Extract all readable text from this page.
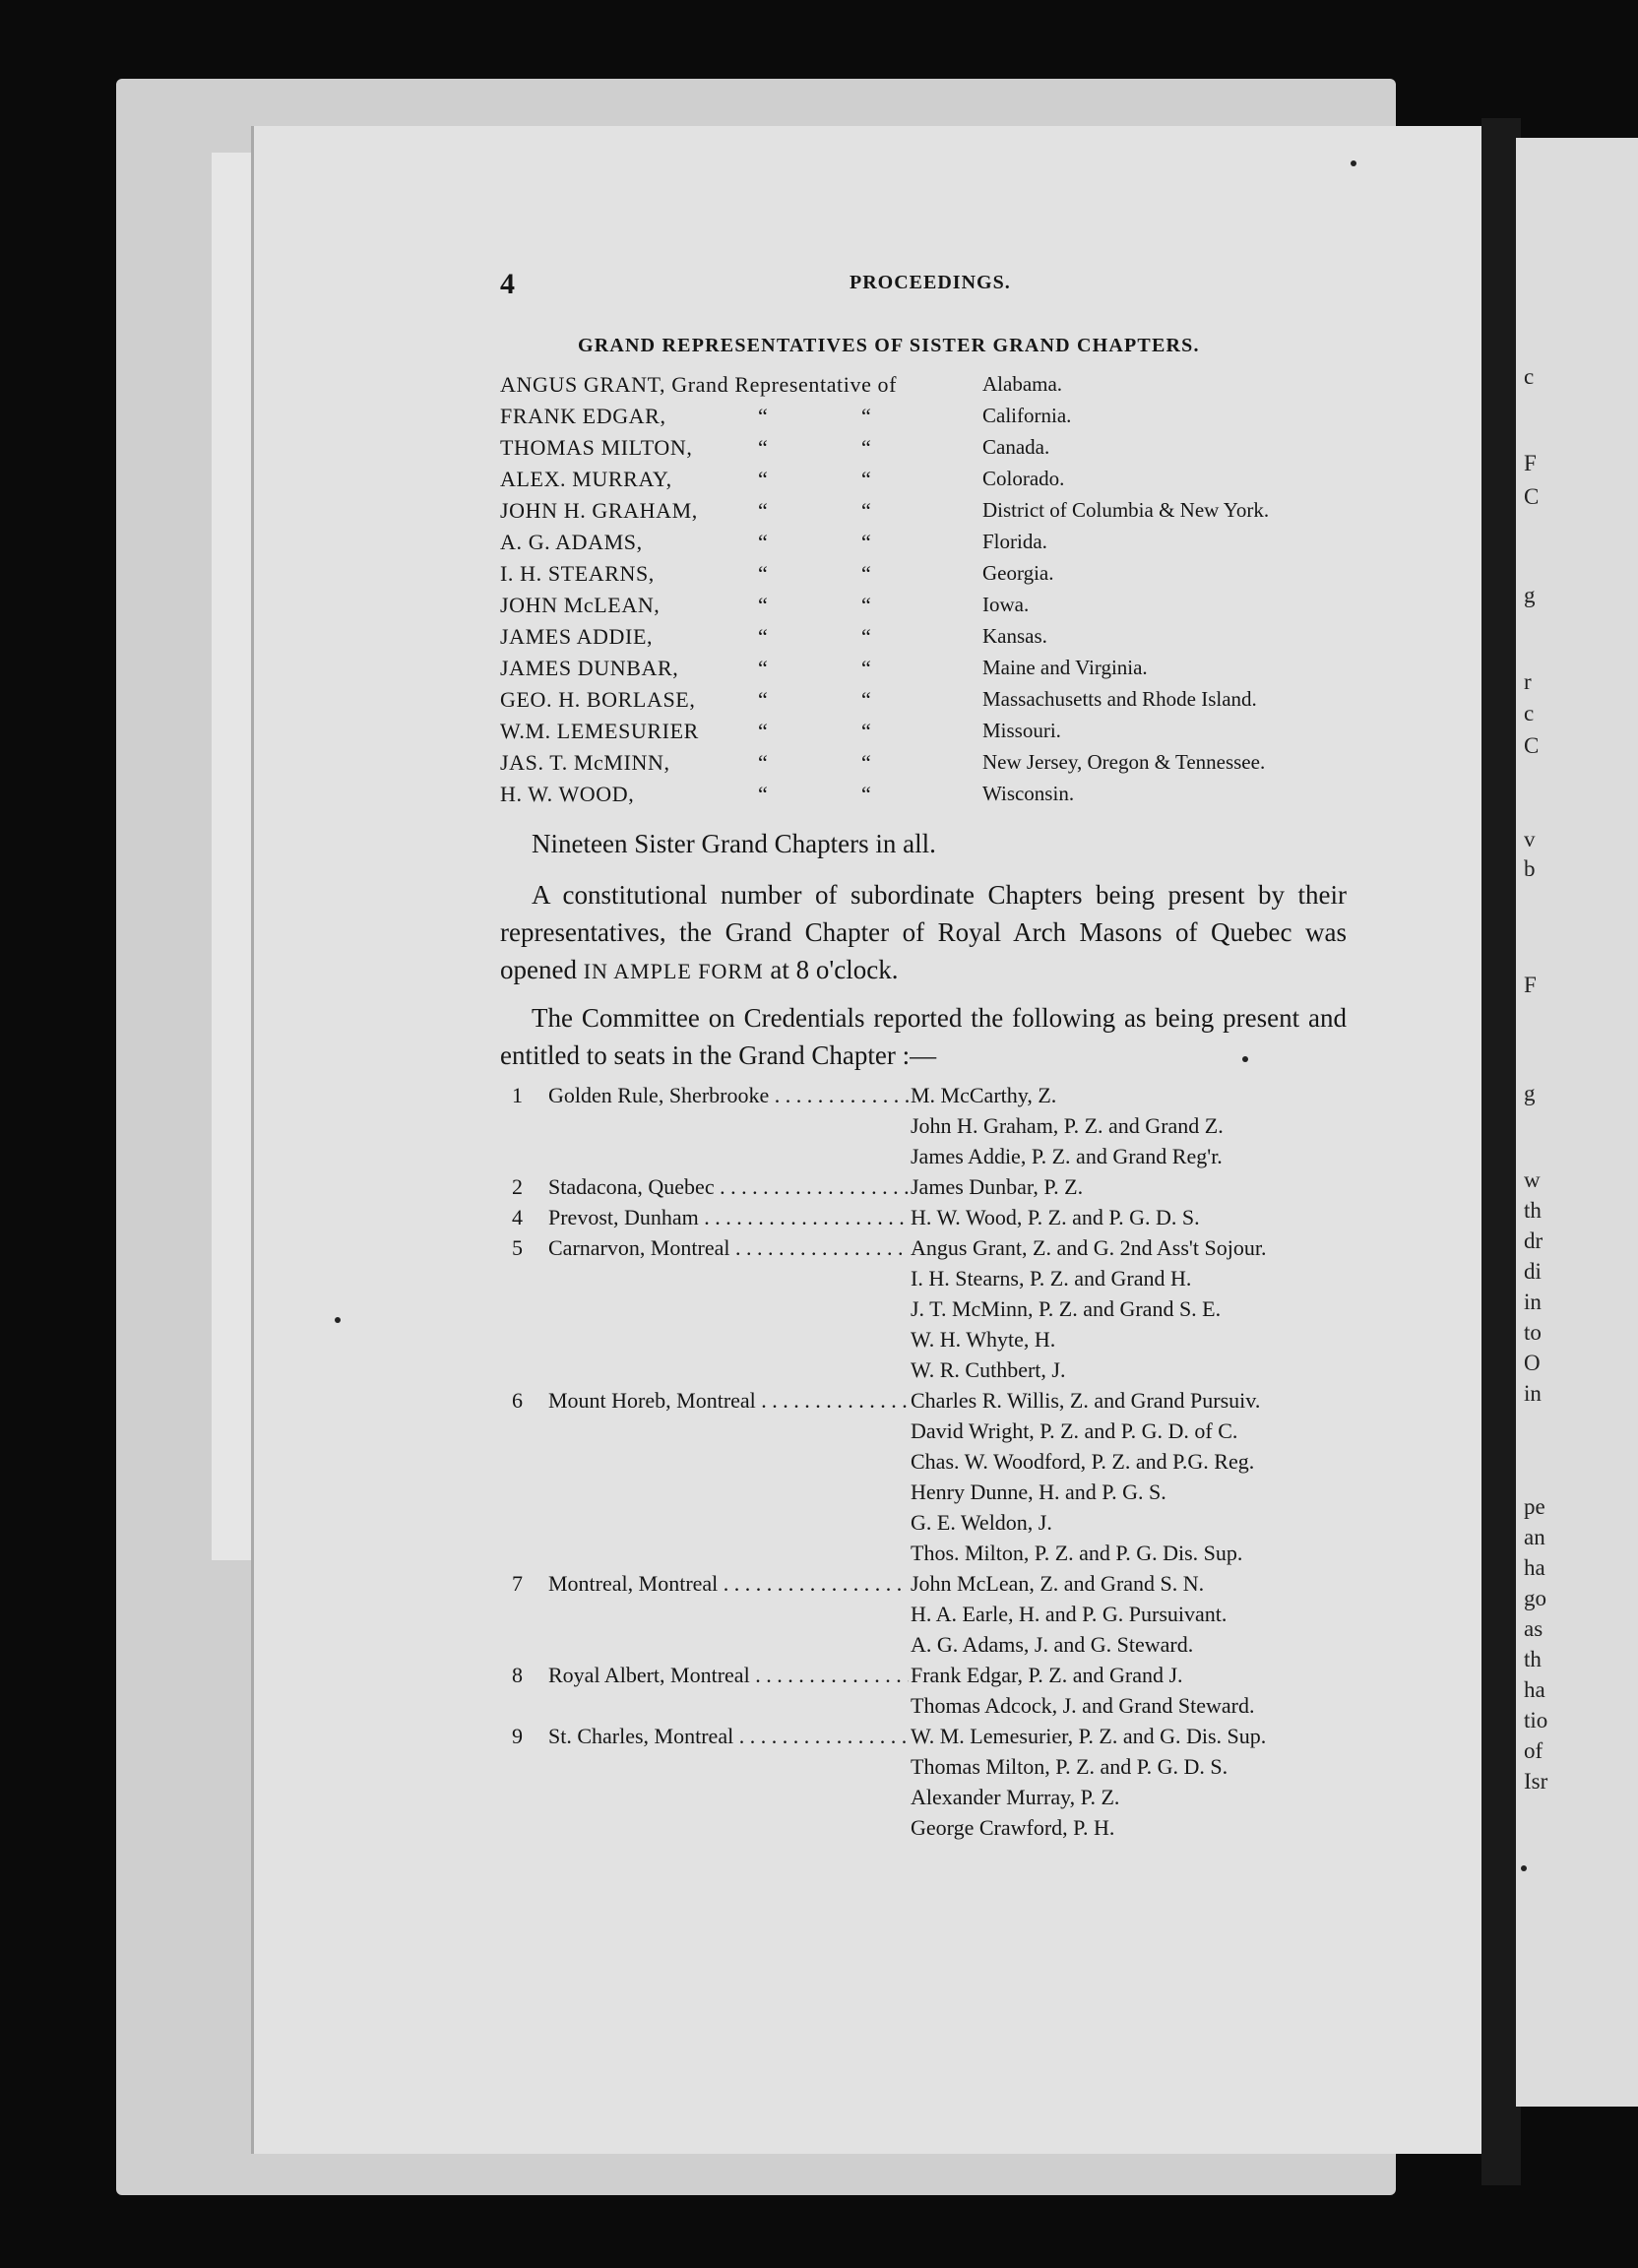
c
F
C
g
r
c
C
v
b
F
g
w
th
dr
di
in
to
O
in
pe
an
ha
go
as
th
ha
tio
of
Isr
4	PROCEEDINGS.
GRAND REPRESENTATIVES OF SISTER GRAND CHAPTERS.
ANGUS GRANT, Grand Representative of	Alabama.
FRANK EDGAR,	“	“	California.
THOMAS MILTON,	“	“	Canada.
ALEX. MURRAY,	“	“	Colorado.
JOHN H. GRAHAM,	“	“	District of Columbia & New York.
A. G. ADAMS,	“	“	Florida.
I. H. STEARNS,	“	“	Georgia.
JOHN McLEAN,	“	“	Iowa.
JAMES ADDIE,	“	“	Kansas.
JAMES DUNBAR,	“	“	Maine and Virginia.
GEO. H. BORLASE,	“	“	Massachusetts and Rhode Island.
W.M. LEMESURIER	“	“	Missouri.
JAS. T. McMINN,	“	“	New Jersey, Oregon & Tennessee.
H. W. WOOD,	“	“	Wisconsin.

Nineteen Sister Grand Chapters in all.

A constitutional number of subordinate Chapters being present by their representatives, the Grand Chapter of Royal Arch Masons of Quebec was opened IN AMPLE FORM at 8 o'clock.

The Committee on Credentials reported the following as being present and entitled to seats in the Grand Chapter :—

1	Golden Rule, Sherbrooke . . .	M. McCarthy, Z.
John H. Graham, P. Z. and Grand Z.
James Addie, P. Z. and Grand Reg'r.
2	Stadacona, Quebec . . .	James Dunbar, P. Z.
4	Prevost, Dunham . . .	H. W. Wood, P. Z. and P. G. D. S.
5	Carnarvon, Montreal . . .	Angus Grant, Z. and G. 2nd Ass't Sojour.
I. H. Stearns, P. Z. and Grand H.
J. T. McMinn, P. Z. and Grand S. E.
W. H. Whyte, H.
W. R. Cuthbert, J.
6	Mount Horeb, Montreal . . .	Charles R. Willis, Z. and Grand Pursuiv.
David Wright, P. Z. and P. G. D. of C.
Chas. W. Woodford, P. Z. and P.G. Reg.
Henry Dunne, H. and P. G. S.
G. E. Weldon, J.
Thos. Milton, P. Z. and P. G. Dis. Sup.
7	Montreal, Montreal . . .	John McLean, Z. and Grand S. N.
H. A. Earle, H. and P. G. Pursuivant.
A. G. Adams, J. and G. Steward.
8	Royal Albert, Montreal . . .	Frank Edgar, P. Z. and Grand J.
Thomas Adcock, J. and Grand Steward.
9	St. Charles, Montreal . . .	W. M. Lemesurier, P. Z. and G. Dis. Sup.
Thomas Milton, P. Z. and P. G. D. S.
Alexander Murray, P. Z.
George Crawford, P. H.
